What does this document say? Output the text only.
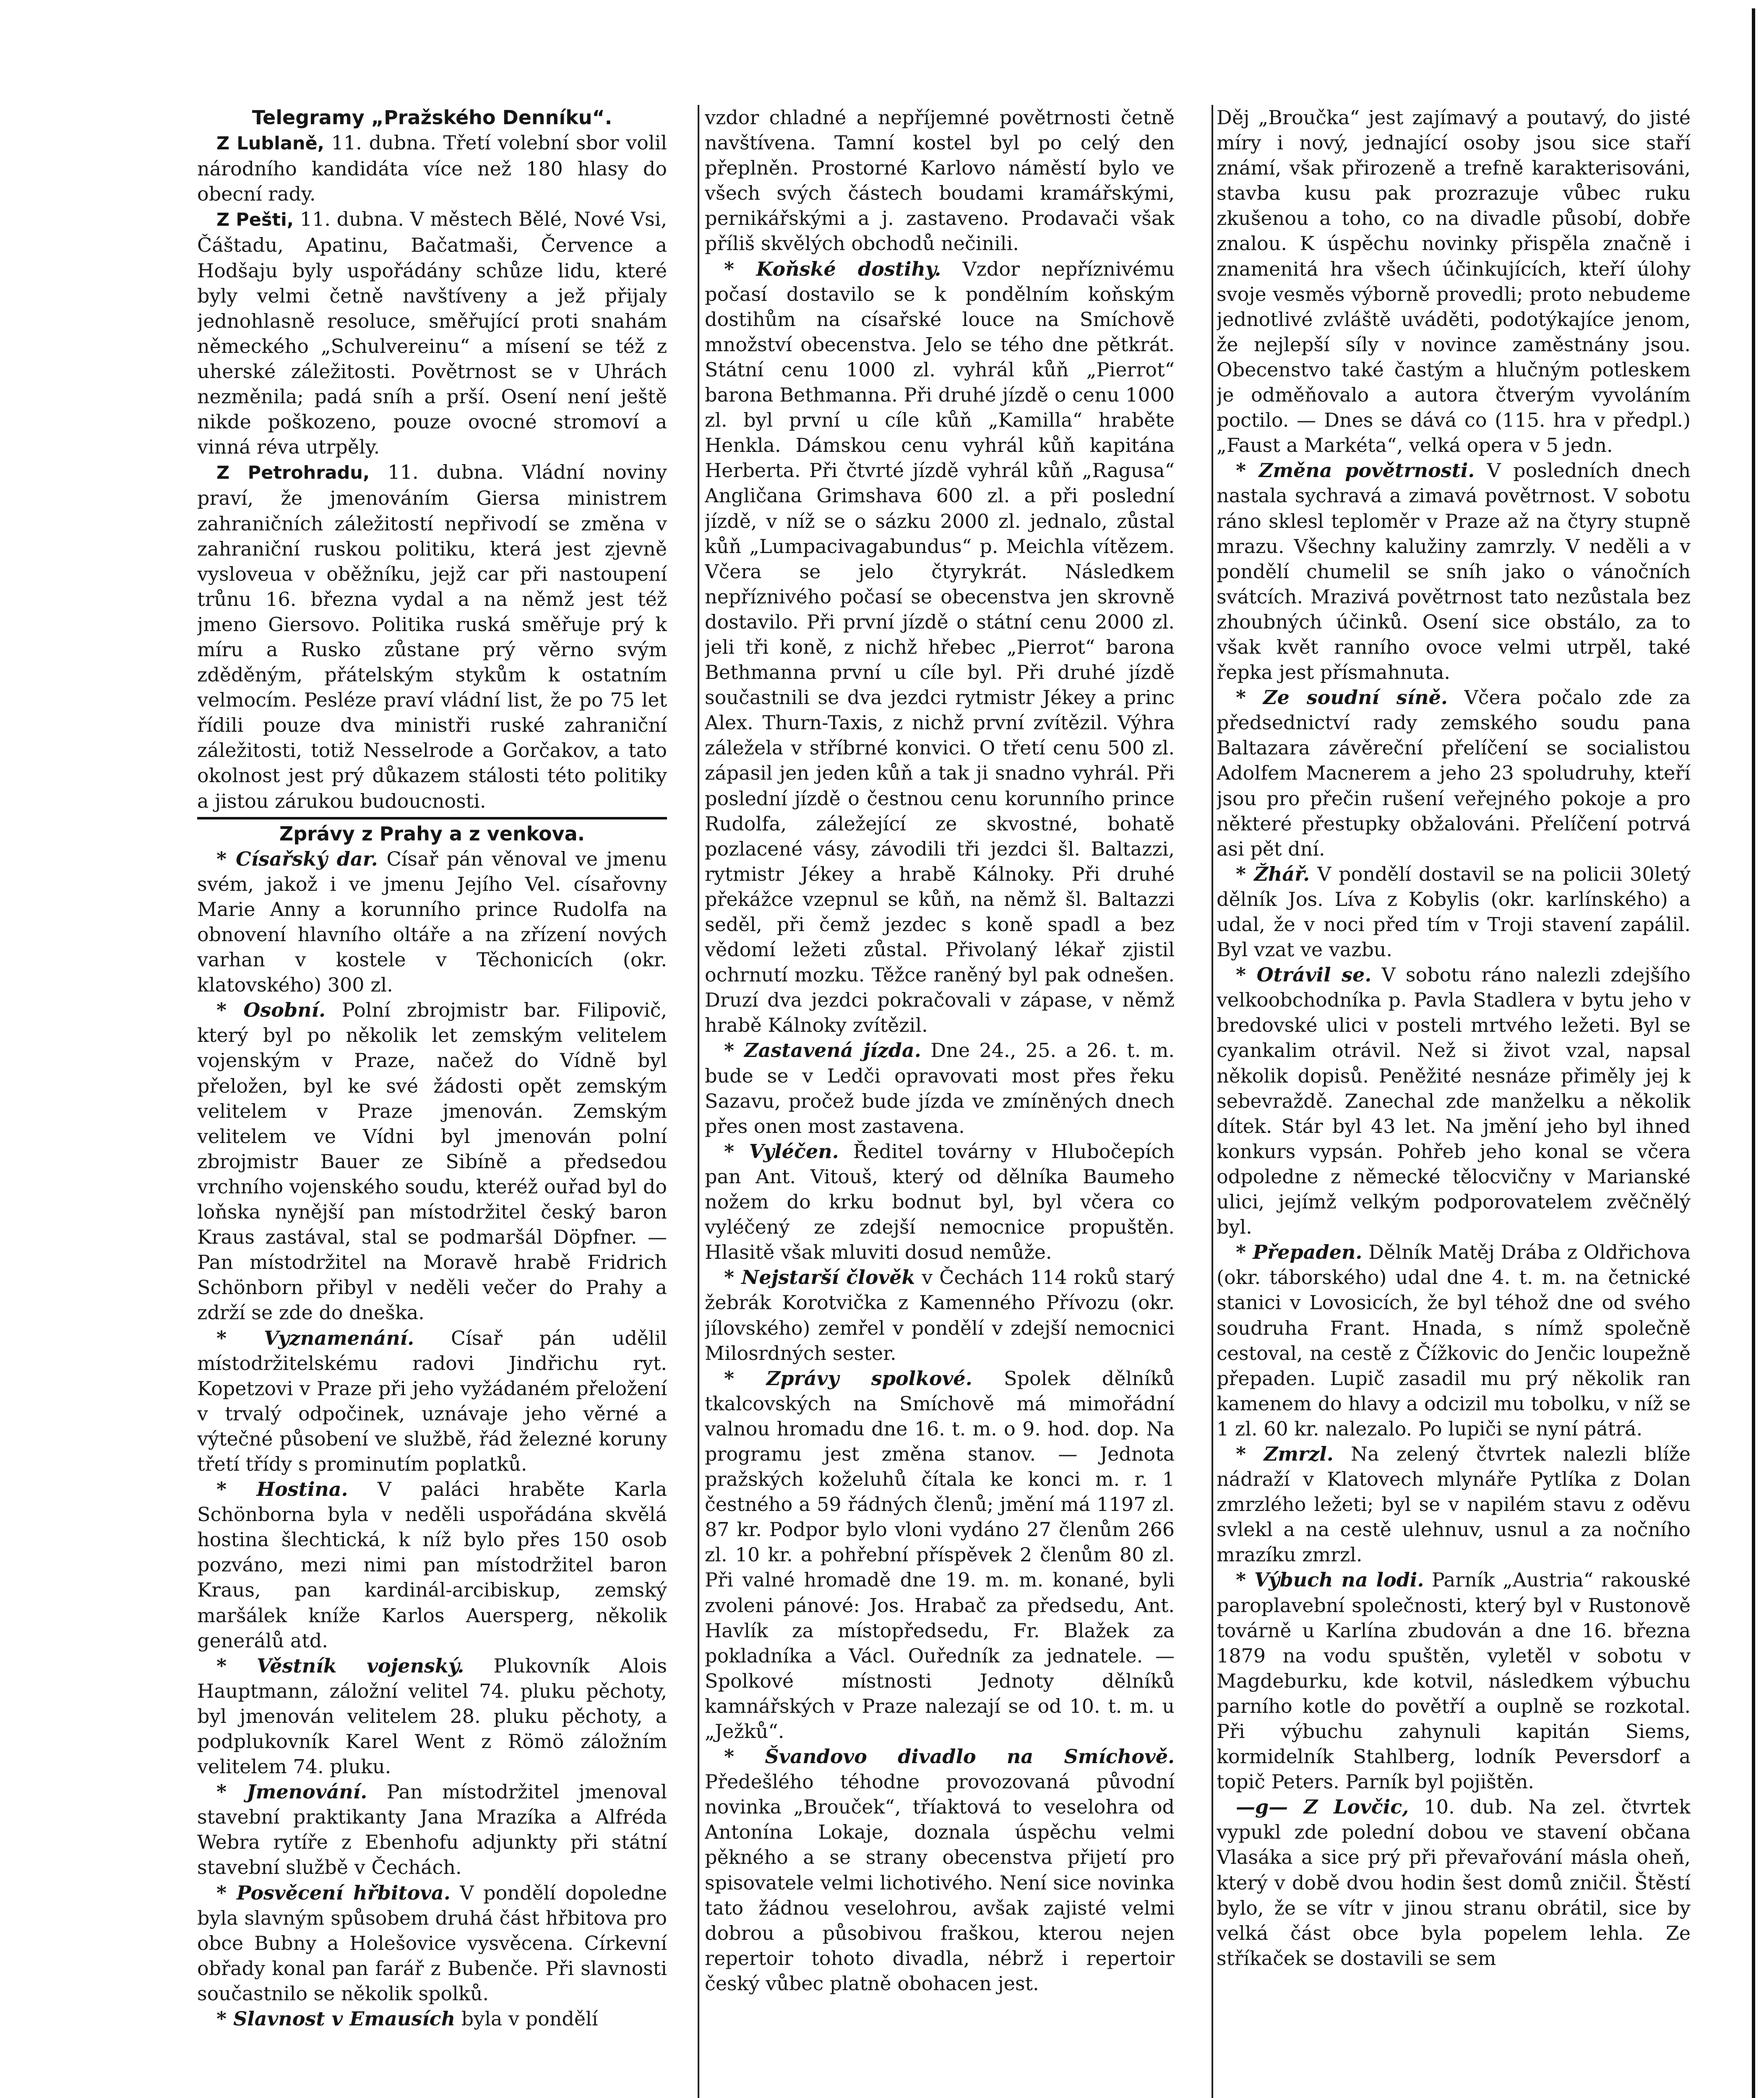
Telegramy „Pražského Denníku“.

Z Lublaně, 11. dubna. Třetí volební sbor volil národního kandidáta více než 180 hlasy do obecní rady.

Z Pešti, 11. dubna. V městech Bělé, Nové Vsi, Čáštadu, Apatinu, Bačatmaši, Července a Hodšaju byly uspořádány schůze lidu, které byly velmi četně navštíveny a jež přijaly jednohlasně resoluce, směřující proti snahám německého „Schulvereinu“ a mísení se též z uherské záležitosti. Povětrnost se v Uhrách nezměnila; padá sníh a prší. Osení není ještě nikde poškozeno, pouze ovocné stromoví a vinná réva utrpěly.

Z Petrohradu, 11. dubna. Vládní noviny praví, že jmenováním Giersa ministrem zahraničních záležitostí nepřivodí se změna v zahraniční ruskou politiku, která jest zjevně vysloveua v oběžníku, jejž car při nastoupení trůnu 16. března vydal a na němž jest též jmeno Giersovo. Politika ruská směřuje prý k míru a Rusko zůstane prý věrno svým zděděným, přátelským stykům k ostatním velmocím. Pesléze praví vládní list, že po 75 let řídili pouze dva ministři ruské zahraniční záležitosti, totiž Nesselrode a Gorčakov, a tato okolnost jest prý důkazem stálosti této politiky a jistou zárukou budoucnosti.

Zprávy z Prahy a z venkova.

* Císařský dar. Císař pán věnoval ve jmenu svém, jakož i ve jmenu Jejího Vel. císařovny Marie Anny a korunního prince Rudolfa na obnovení hlavního oltáře a na zřízení nových varhan v kostele v Těchonicích (okr. klatovského) 300 zl.

* Osobní. Polní zbrojmistr bar. Filipovič, který byl po několik let zemským velitelem vojenským v Praze, načež do Vídně byl přeložen, byl ke své žádosti opět zemským velitelem v Praze jmenován. Zemským velitelem ve Vídni byl jmenován polní zbrojmistr Bauer ze Sibíně a předsedou vrchního vojenského soudu, kteréž ouřad byl do loňska nynější pan místodržitel český baron Kraus zastával, stal se podmaršál Döpfner. — Pan místodržitel na Moravě hrabě Fridrich Schönborn přibyl v neděli večer do Prahy a zdrží se zde do dneška.

* Vyznamenání. Císař pán udělil místodržitelskému radovi Jindřichu ryt. Kopetzovi v Praze při jeho vyžádaném přeložení v trvalý odpočinek, uznávaje jeho věrné a výtečné působení ve službě, řád železné koruny třetí třídy s prominutím poplatků.

* Hostina. V paláci hraběte Karla Schönborna byla v neděli uspořádána skvělá hostina šlechtická, k níž bylo přes 150 osob pozváno, mezi nimi pan místodržitel baron Kraus, pan kardinál-arcibiskup, zemský maršálek kníže Karlos Auersperg, několik generálů atd.

* Věstník vojenský. Plukovník Alois Hauptmann, záložní velitel 74. pluku pěchoty, byl jmenován velitelem 28. pluku pěchoty, a podplukovník Karel Went z Römö záložním velitelem 74. pluku.

* Jmenování. Pan místodržitel jmenoval stavební praktikanty Jana Mrazíka a Alfréda Webra rytíře z Ebenhofu adjunkty při státní stavební službě v Čechách.

* Posvěcení hřbitova. V pondělí dopoledne byla slavným spůsobem druhá část hřbitova pro obce Bubny a Holešovice vysvěcena. Církevní obřady konal pan farář z Bubenče. Při slavnosti součastnilo se několik spolků.

* Slavnost v Emausích byla v pondělí

vzdor chladné a nepříjemné povětrnosti četně navštívena. Tamní kostel byl po celý den přeplněn. Prostorné Karlovo náměstí bylo ve všech svých částech boudami kramářskými, pernikářskými a j. zastaveno. Prodavači však příliš skvělých obchodů nečinili.

* Koňské dostihy. Vzdor nepříznivému počasí dostavilo se k pondělním koňským dostihům na císařské louce na Smíchově množství obecenstva. Jelo se tého dne pětkrát. Státní cenu 1000 zl. vyhrál kůň „Pierrot“ barona Bethmanna. Při druhé jízdě o cenu 1000 zl. byl první u cíle kůň „Kamilla“ hraběte Henkla. Dámskou cenu vyhrál kůň kapitána Herberta. Při čtvrté jízdě vyhrál kůň „Ragusa“ Angličana Grimshava 600 zl. a při poslední jízdě, v níž se o sázku 2000 zl. jednalo, zůstal kůň „Lumpacivagabundus“ p. Meichla vítězem. Včera se jelo čtyrykrát. Následkem nepříznivého počasí se obecenstva jen skrovně dostavilo. Při první jízdě o státní cenu 2000 zl. jeli tři koně, z nichž hřebec „Pierrot“ barona Bethmanna první u cíle byl. Při druhé jízdě součastnili se dva jezdci rytmistr Jékey a princ Alex. Thurn-Taxis, z nichž první zvítězil. Výhra záležela v stříbrné konvici. O třetí cenu 500 zl. zápasil jen jeden kůň a tak ji snadno vyhrál. Při poslední jízdě o čestnou cenu korunního prince Rudolfa, záležející ze skvostné, bohatě pozlacené vásy, závodili tři jezdci šl. Baltazzi, rytmistr Jékey a hrabě Kálnoky. Při druhé překážce vzepnul se kůň, na němž šl. Baltazzi seděl, při čemž jezdec s koně spadl a bez vědomí ležeti zůstal. Přivolaný lékař zjistil ochrnutí mozku. Těžce raněný byl pak odnešen. Druzí dva jezdci pokračovali v zápase, v němž hrabě Kálnoky zvítězil.

* Zastavená jízda. Dne 24., 25. a 26. t. m. bude se v Ledči opravovati most přes řeku Sazavu, pročež bude jízda ve zmíněných dnech přes onen most zastavena.

* Vyléčen. Ředitel továrny v Hlubočepích pan Ant. Vitouš, který od dělníka Baumeho nožem do krku bodnut byl, byl včera co vyléčený ze zdejší nemocnice propuštěn. Hlasitě však mluviti dosud nemůže.

* Nejstarší člověk v Čechách 114 roků starý žebrák Korotvička z Kamenného Přívozu (okr. jílovského) zemřel v pondělí v zdejší nemocnici Milosrdných sester.

* Zprávy spolkové. Spolek dělníků tkalcovských na Smíchově má mimořádní valnou hromadu dne 16. t. m. o 9. hod. dop. Na programu jest změna stanov. — Jednota pražských koželuhů čítala ke konci m. r. 1 čestného a 59 řádných členů; jmění má 1197 zl. 87 kr. Podpor bylo vloni vydáno 27 členům 266 zl. 10 kr. a pohřební příspěvek 2 členům 80 zl. Při valné hromadě dne 19. m. m. konané, byli zvoleni pánové: Jos. Hrabač za předsedu, Ant. Havlík za místopředsedu, Fr. Blažek za pokladníka a Václ. Ouředník za jednatele. — Spolkové místnosti Jednoty dělníků kamnářských v Praze nalezají se od 10. t. m. u „Ježků“.

* Švandovo divadlo na Smíchově. Předešlého téhodne provozovaná původní novinka „Brouček“, tříaktová to veselohra od Antonína Lokaje, doznala úspěchu velmi pěkného a se strany obecenstva přijetí pro spisovatele velmi lichotivého. Není sice novinka tato žádnou veselohrou, avšak zajisté velmi dobrou a působivou fraškou, kterou nejen repertoir tohoto divadla, nébrž i repertoir český vůbec platně obohacen jest.

Děj „Broučka“ jest zajímavý a poutavý, do jisté míry i nový, jednající osoby jsou sice staří známí, však přirozeně a trefně karakterisováni, stavba kusu pak prozrazuje vůbec ruku zkušenou a toho, co na divadle působí, dobře znalou. K úspěchu novinky přispěla značně i znamenitá hra všech účinkujících, kteří úlohy svoje vesměs výborně provedli; proto nebudeme jednotlivé zvláště uváděti, podotýkajíce jenom, že nejlepší síly v novince zaměstnány jsou. Obecenstvo také častým a hlučným potleskem je odměňovalo a autora čtverým vyvoláním poctilo. — Dnes se dává co (115. hra v předpl.) „Faust a Markéta“, velká opera v 5 jedn.

* Změna povětrnosti. V posledních dnech nastala sychravá a zimavá povětrnost. V sobotu ráno sklesl teploměr v Praze až na čtyry stupně mrazu. Všechny kalužiny zamrzly. V neděli a v pondělí chumelil se sníh jako o vánočních svátcích. Mrazivá povětrnost tato nezůstala bez zhoubných účinků. Osení sice obstálo, za to však květ ranního ovoce velmi utrpěl, také řepka jest přísmahnuta.

* Ze soudní síně. Včera počalo zde za předsednictví rady zemského soudu pana Baltazara závěreční přelíčení se socialistou Adolfem Macnerem a jeho 23 spoludruhy, kteří jsou pro přečin rušení veřejného pokoje a pro některé přestupky obžalováni. Přelíčení potrvá asi pět dní.

* Žhář. V pondělí dostavil se na policii 30letý dělník Jos. Líva z Kobylis (okr. karlínského) a udal, že v noci před tím v Troji stavení zapálil. Byl vzat ve vazbu.

* Otrávil se. V sobotu ráno nalezli zdejšího velkoobchodníka p. Pavla Stadlera v bytu jeho v bredovské ulici v posteli mrtvého ležeti. Byl se cyankalim otrávil. Než si život vzal, napsal několik dopisů. Peněžité nesnáze přiměly jej k sebevraždě. Zanechal zde manželku a několik dítek. Stár byl 43 let. Na jmění jeho byl ihned konkurs vypsán. Pohřeb jeho konal se včera odpoledne z německé tělocvičny v Marianské ulici, jejímž velkým podporovatelem zvěčnělý byl.

* Přepaden. Dělník Matěj Drába z Oldřichova (okr. táborského) udal dne 4. t. m. na četnické stanici v Lovosicích, že byl téhož dne od svého soudruha Frant. Hnada, s nímž společně cestoval, na cestě z Čížkovic do Jenčic loupežně přepaden. Lupič zasadil mu prý několik ran kamenem do hlavy a odcizil mu tobolku, v níž se 1 zl. 60 kr. nalezalo. Po lupiči se nyní pátrá.

* Zmrzl. Na zelený čtvrtek nalezli blíže nádraží v Klatovech mlynáře Pytlíka z Dolan zmrzlého ležeti; byl se v napilém stavu z oděvu svlekl a na cestě ulehnuv, usnul a za nočního mrazíku zmrzl.

* Výbuch na lodi. Parník „Austria“ rakouské paroplavební společnosti, který byl v Rustonově továrně u Karlína zbudován a dne 16. března 1879 na vodu spuštěn, vyletěl v sobotu v Magdeburku, kde kotvil, následkem výbuchu parního kotle do povětří a ouplně se rozkotal. Při výbuchu zahynuli kapitán Siems, kormidelník Stahlberg, lodník Peversdorf a topič Peters. Parník byl pojištěn.

—g— Z Lovčic, 10. dub. Na zel. čtvrtek vypukl zde polední dobou ve stavení občana Vlasáka a sice prý při převařování másla oheň, který v době dvou hodin šest domů zničil. Štěstí bylo, že se vítr v jinou stranu obrátil, sice by velká část obce byla popelem lehla. Ze stříkaček se dostavili se sem
